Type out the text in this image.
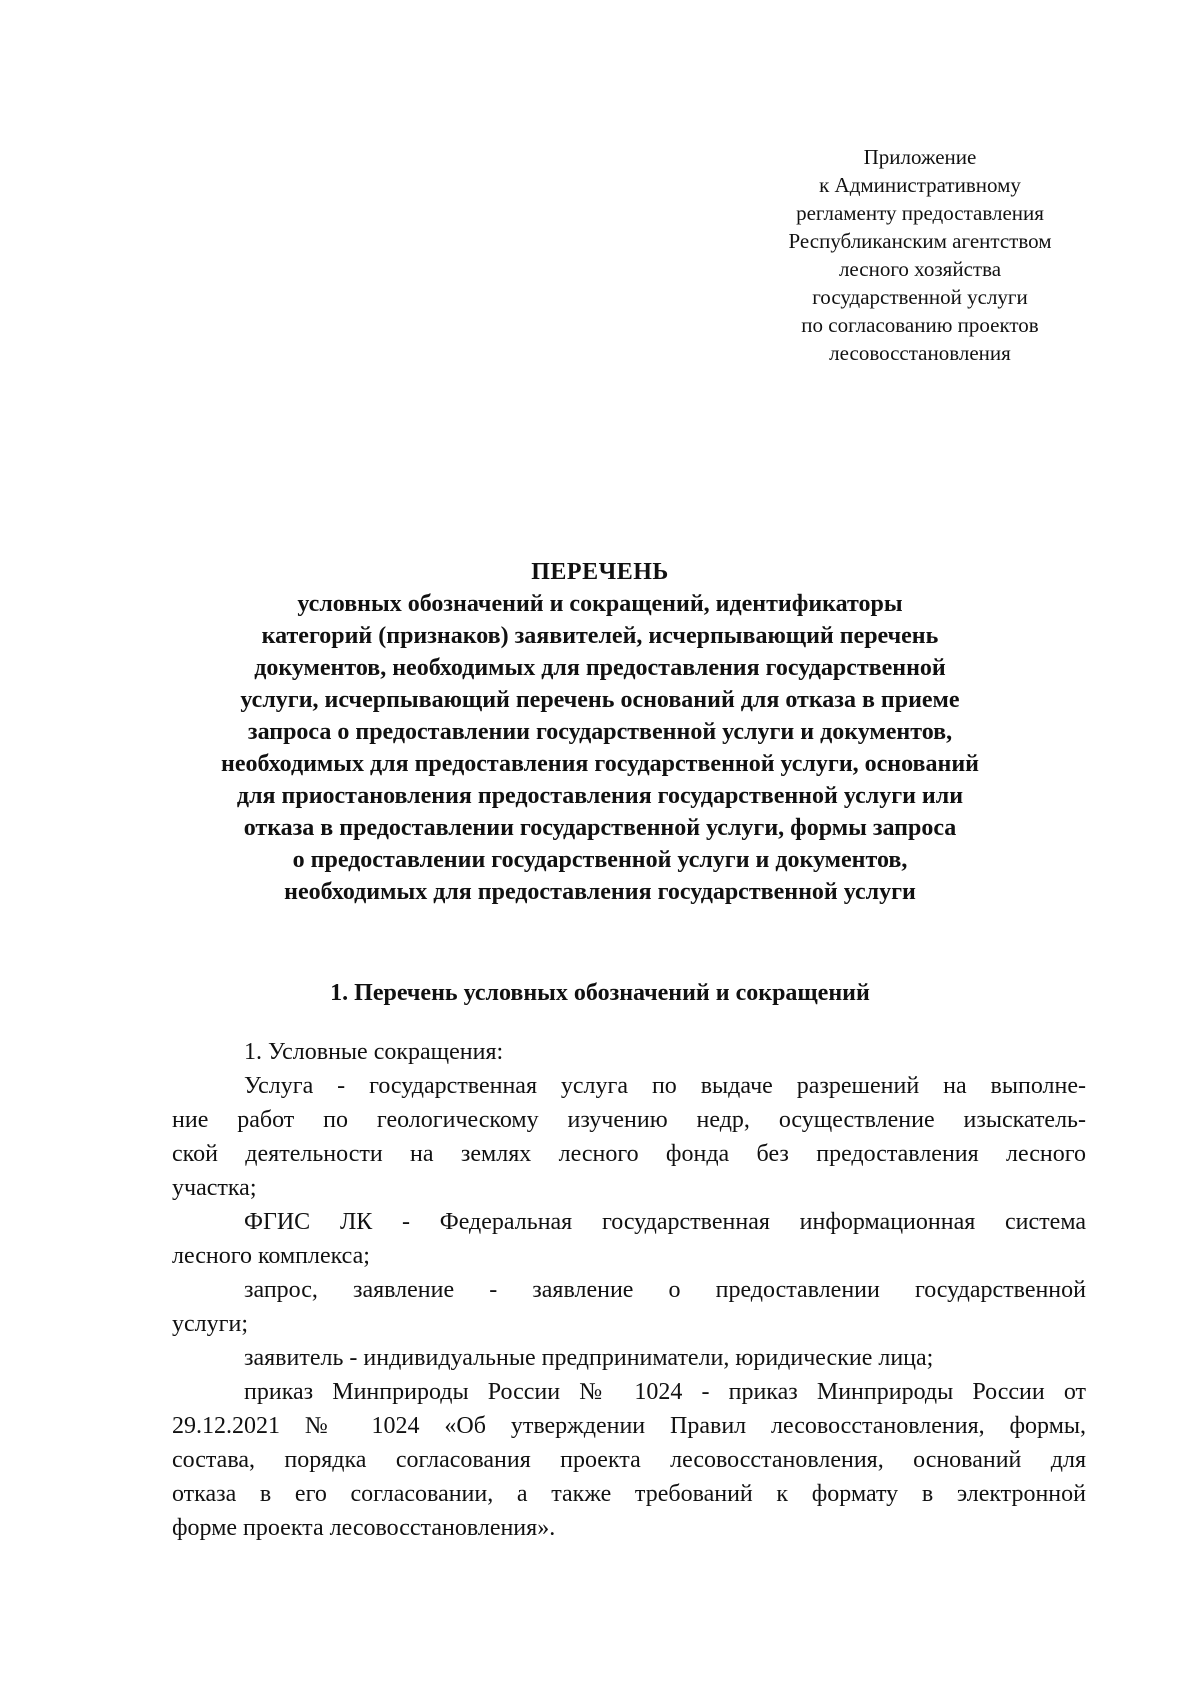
Приложение
к Административному
регламенту предоставления
Республиканским агентством
лесного хозяйства
государственной услуги
по согласованию проектов
лесовосстановления
ПЕРЕЧЕНЬ
условных обозначений и сокращений, идентификаторы
категорий (признаков) заявителей, исчерпывающий перечень
документов, необходимых для предоставления государственной
услуги, исчерпывающий перечень оснований для отказа в приеме
запроса о предоставлении государственной услуги и документов,
необходимых для предоставления государственной услуги, оснований
для приостановления предоставления государственной услуги или
отказа в предоставлении государственной услуги, формы запроса
о предоставлении государственной услуги и документов,
необходимых для предоставления государственной услуги
1. Перечень условных обозначений и сокращений
1. Условные сокращения:
Услуга - государственная услуга по выдаче разрешений на выполне-
ние работ по геологическому изучению недр, осуществление изыскатель-
ской деятельности на землях лесного фонда без предоставления лесного
участка;
ФГИС ЛК - Федеральная государственная информационная система
лесного комплекса;
запрос, заявление - заявление о предоставлении государственной
услуги;
заявитель - индивидуальные предприниматели, юридические лица;
приказ Минприроды России № 1024 - приказ Минприроды России от
29.12.2021 № 1024 «Об утверждении Правил лесовосстановления, формы,
состава, порядка согласования проекта лесовосстановления, оснований для
отказа в его согласовании, а также требований к формату в электронной
форме проекта лесовосстановления».
